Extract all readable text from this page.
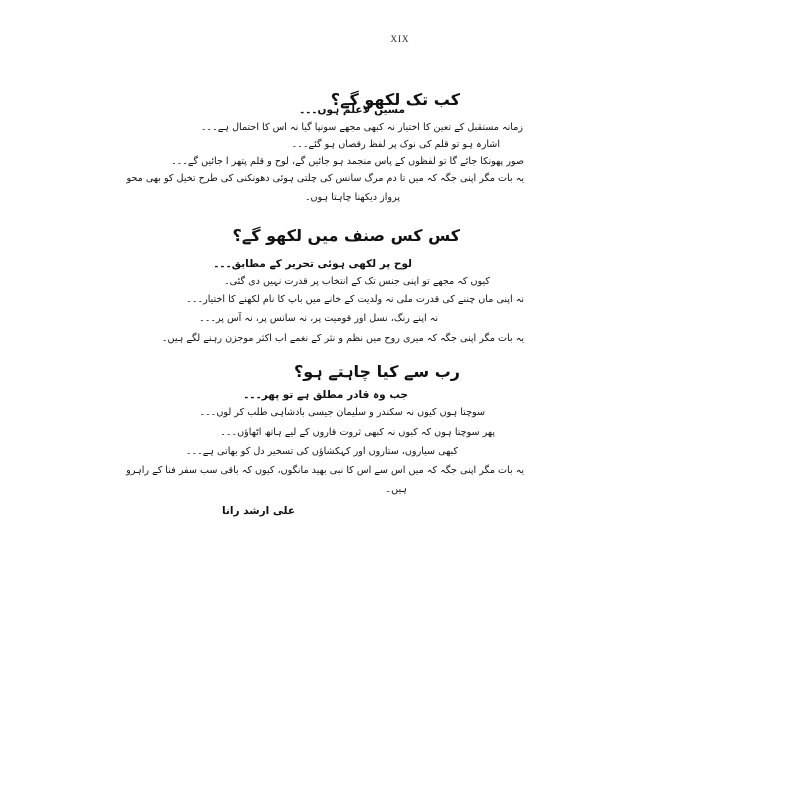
XIX
کب تک لکھو گے؟
مسیں لاعلم ہوں۔۔۔
زمانہ مستقبل کے تعین کا اختیار نہ کبھی مجھے سونپا گیا نہ اس کا احتمال ہے۔۔۔
اشارہ ہو تو قلم کی نوک پر لفظ رقصاں ہو گئے۔۔۔
صور پھونکا جائے گا تو لفظوں کے پاس منجمد ہو جائیں گے، لوح و قلم پتھر ا جائیں گے۔۔۔
یہ بات مگر اپنی جگہ کہ میں تا دم مرگ سانس کی چلتی ہوئی دھونکنی کی طرح تخیل کو بھی محو
پرواز دیکھنا چاہتا ہوں۔
کس کس صنف میں لکھو گے؟
لوح پر لکھی ہوئی تحریر کے مطابق۔۔۔
کیوں کہ مجھے تو اپنی جنس تک کے انتخاب پر قدرت نہیں دی گئی۔
نہ اپنی ماں چننے کی قدرت ملی نہ ولدیت کے خانے میں باپ کا نام لکھنے کا اختیار۔۔۔
نہ اپنے رنگ، نسل اور قومیت پر، نہ سانس پر، نہ آس پر۔۔۔
یہ بات مگر اپنی جگہ کہ میری روح میں نظم و نثر کے نغمے اب اکثر موجزن رہنے لگے ہیں۔
رب سے کیا چاہتے ہو؟
جب وہ قادر مطلق ہے تو پھر۔۔۔
سوچتا ہوں کیوں نہ سکندر و سلیمان جیسی بادشاہی طلب کر لوں۔۔۔
پھر سوچتا ہوں کہ کیوں نہ کبھی ثروت قاروں کے لیے ہاتھ اٹھاؤں۔۔۔
کبھی سیاروں، ستاروں اور کہکشاؤں کی تسخیر دل کو بھاتی ہے۔۔۔
یہ بات مگر اپنی جگہ کہ میں اس سے اس کا نبی بھید مانگوں، کیوں کہ باقی سب سفر فنا کے راہرو
ہیں۔
علی ارشد رانا
